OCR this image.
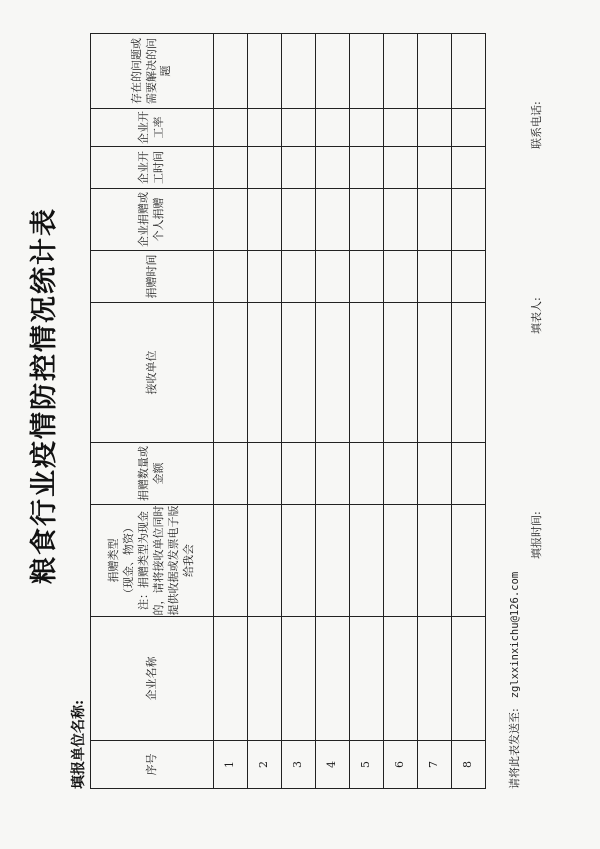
粮食行业疫情防控情况统计表
填报单位名称:	序号	企业名称	捐赠类型 （现金、物资） 注：捐赠类型为现金的，请将接收单位同时提供收据或发票电子版给我会	捐赠数量或金额	接收单位	捐赠时间	企业捐赠或个人捐赠	企业开工时间	企业开工率	存在的问题或需要解决的问题
1									
2									
3									
4									
5									
6									
7									
8									
填报时间:
填表人:
联系电话:
请将此表发送至:zglxxinxichu@126.com
